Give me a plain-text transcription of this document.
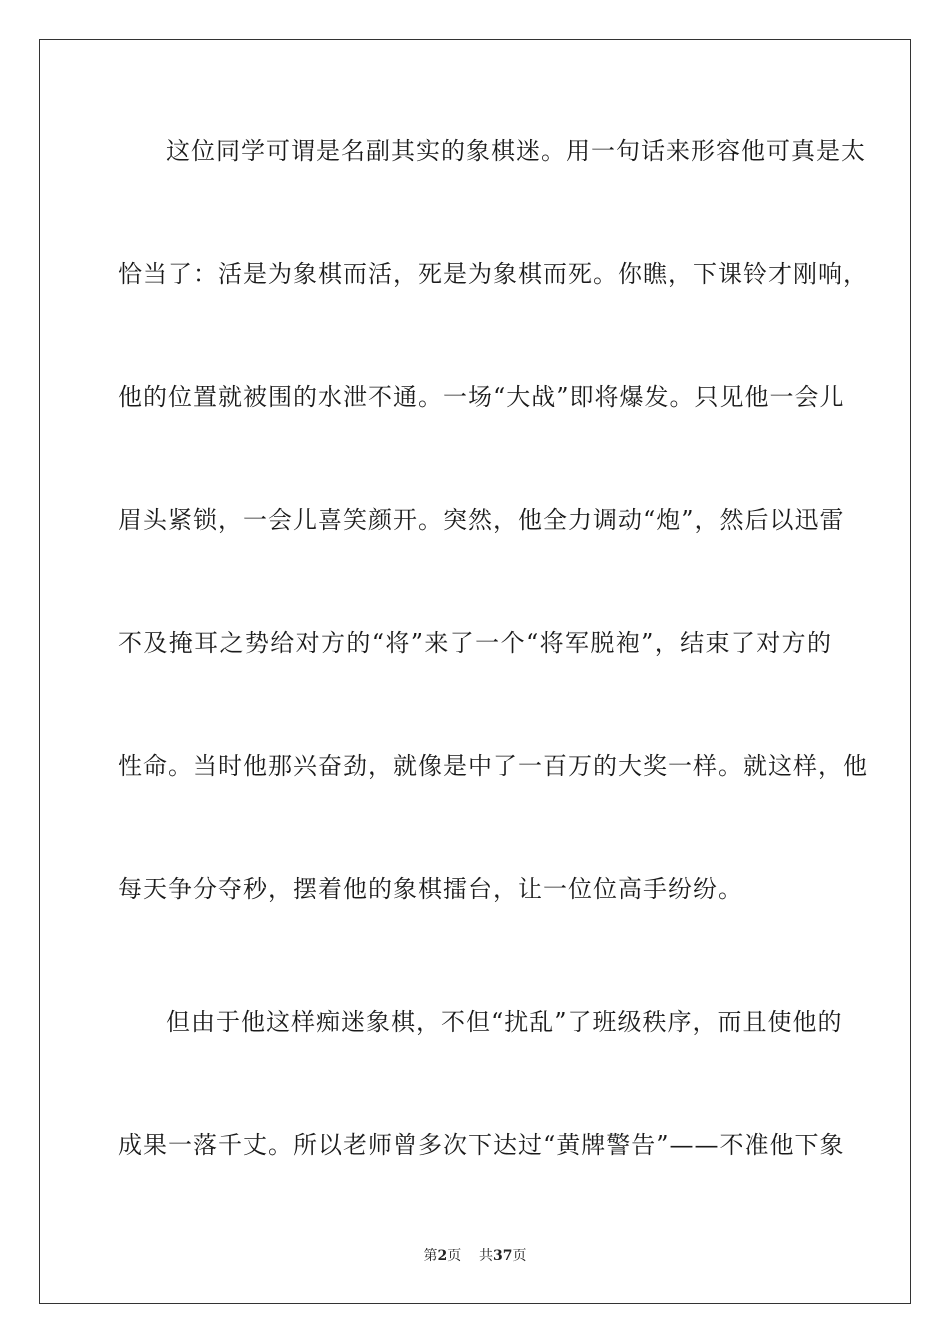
这位同学可谓是名副其实的象棋迷。用一句话来形容他可真是太
恰当了：活是为象棋而活，死是为象棋而死。你瞧，下课铃才刚响，
他的位置就被围的水泄不通。一场“大战”即将爆发。只见他一会儿
眉头紧锁，一会儿喜笑颜开。突然，他全力调动“炮”，然后以迅雷
不及掩耳之势给对方的“将”来了一个“将军脱袍”，结束了对方的
性命。当时他那兴奋劲，就像是中了一百万的大奖一样。就这样，他
每天争分夺秒，摆着他的象棋擂台，让一位位高手纷纷。
但由于他这样痴迷象棋，不但“扰乱”了班级秩序，而且使他的
成果一落千丈。所以老师曾多次下达过“黄牌警告”——不准他下象
第2页 共37页
